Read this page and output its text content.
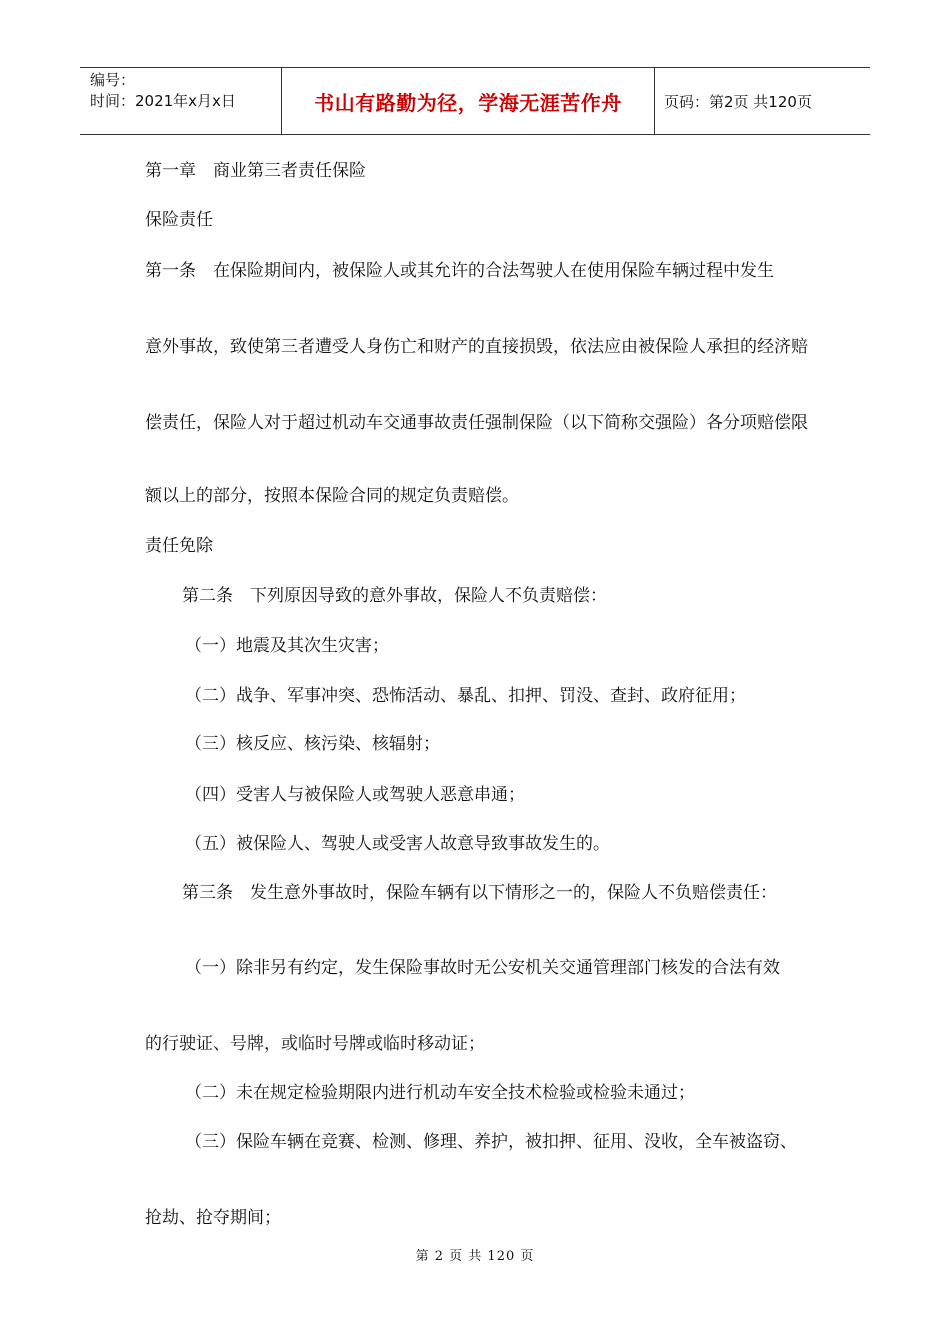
编号：
时间：2021年x月x日	书山有路勤为径，学海无涯苦作舟	页码：第2页 共120页

第一章　商业第三者责任保险

保险责任

第一条　在保险期间内，被保险人或其允许的合法驾驶人在使用保险车辆过程中发生

意外事故，致使第三者遭受人身伤亡和财产的直接损毁，依法应由被保险人承担的经济赔

偿责任，保险人对于超过机动车交通事故责任强制保险（以下简称交强险）各分项赔偿限

额以上的部分，按照本保险合同的规定负责赔偿。

责任免除

第二条　下列原因导致的意外事故，保险人不负责赔偿：

（一）地震及其次生灾害；

（二）战争、军事冲突、恐怖活动、暴乱、扣押、罚没、查封、政府征用；

（三）核反应、核污染、核辐射；

（四）受害人与被保险人或驾驶人恶意串通；

（五）被保险人、驾驶人或受害人故意导致事故发生的。

第三条　发生意外事故时，保险车辆有以下情形之一的，保险人不负赔偿责任：

（一）除非另有约定，发生保险事故时无公安机关交通管理部门核发的合法有效

的行驶证、号牌，或临时号牌或临时移动证；

（二）未在规定检验期限内进行机动车安全技术检验或检验未通过；

（三）保险车辆在竞赛、检测、修理、养护，被扣押、征用、没收，全车被盗窃、

抢劫、抢夺期间；

第 2 页 共 120 页
